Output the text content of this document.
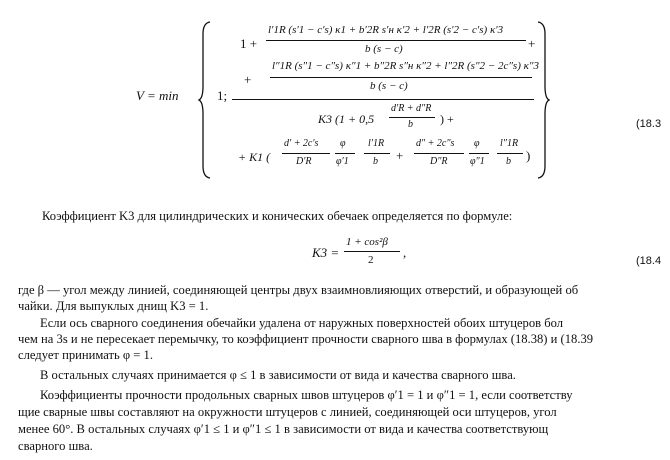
V = min	1;
1 +
l′1R (s′1 − c′s) κ1 + b′2R s′н κ′2 + l′2R (s′2 − c′s) κ′3
b (s − c)	+
+
l″1R (s″1 − c″s) κ″1 + b″2R s″н κ″2 + l″2R (s″2 − 2c″s) κ″3
b (s − c)
K3 (1 + 0,5
d′R + d″R
b ) +
+ K1 (
d′ + 2c′s
D′R
φ
φ′1
l′1R
b +
d″ + 2c″s
D″R
φ
φ″1
l″1R
b )
(18.3
Коэффициент K3 для цилиндрических и конических обечаек определяется по формуле:
K3 =
1 + cos²β
2 ,
(18.4
где β — угол между линией, соединяющей центры двух взаимновлияющих отверстий, и образующей об
чайки. Для выпуклых днищ K3 = 1.
Если ось сварного соединения обечайки удалена от наружных поверхностей обоих штуцеров бол
чем на 3s и не пересекает перемычку, то коэффициент прочности сварного шва в формулах (18.38) и (18.39
следует принимать φ = 1.
В остальных случаях принимается φ ≤ 1 в зависимости от вида и качества сварного шва.
Коэффициенты прочности продольных сварных швов штуцеров φ′1 = 1 и φ″1 = 1, если соответству
щие сварные швы составляют на окружности штуцеров с линией, соединяющей оси штуцеров, угол
менее 60°. В остальных случаях φ′1 ≤ 1 и φ″1 ≤ 1 в зависимости от вида и качества соответствующ
сварного шва.
